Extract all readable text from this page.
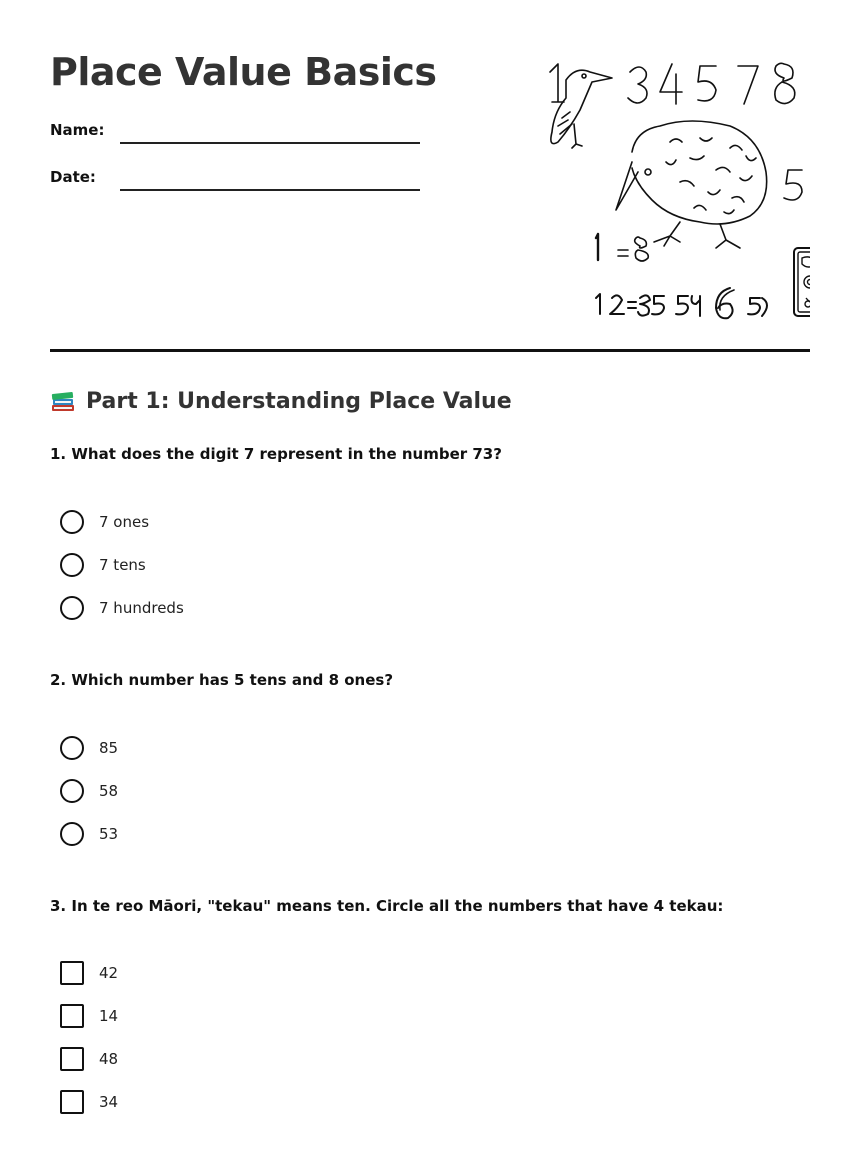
Place Value Basics
Name:
Date:
Part 1: Understanding Place Value

1. What does the digit 7 represent in the number 73?

7 ones
7 tens
7 hundreds

2. Which number has 5 tens and 8 ones?

85
58
53

3. In te reo Māori, "tekau" means ten. Circle all the numbers that have 4 tekau:

42
14
48
34
